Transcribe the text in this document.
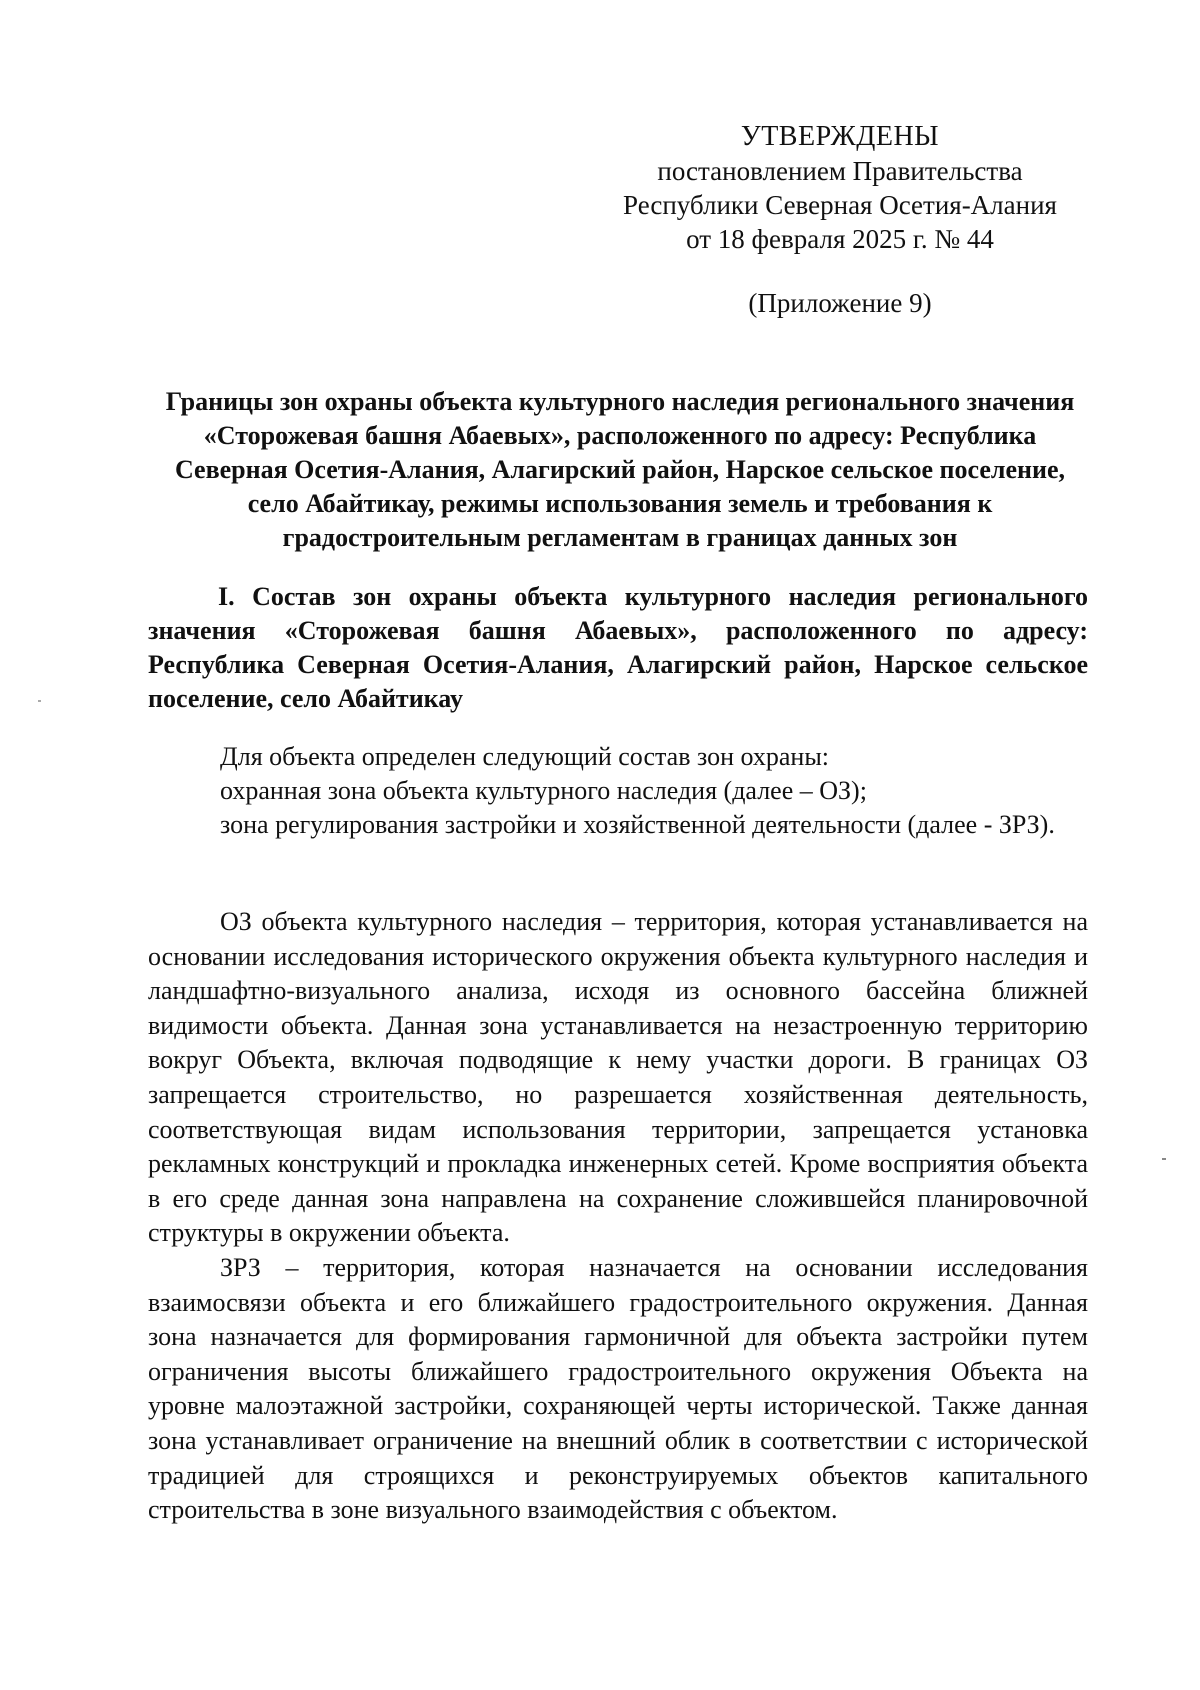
УТВЕРЖДЕНЫ
постановлением Правительства
Республики Северная Осетия-Алания
от 18 февраля 2025 г. № 44
(Приложение 9)
Границы зон охраны объекта культурного наследия регионального значения «Сторожевая башня Абаевых», расположенного по адресу: Республика Северная Осетия-Алания, Алагирский район, Нарское сельское поселение, село Абайтикау, режимы использования земель и требования к градостроительным регламентам в границах данных зон
I. Состав зон охраны объекта культурного наследия регионального значения «Сторожевая башня Абаевых», расположенного по адресу: Республика Северная Осетия-Алания, Алагирский район, Нарское сельское поселение, село Абайтикау

Для объекта определен следующий состав зон охраны:

охранная зона объекта культурного наследия (далее – ОЗ);

зона регулирования застройки и хозяйственной деятельности (далее - ЗРЗ).

ОЗ объекта культурного наследия – территория, которая устанавливается на основании исследования исторического окружения объекта культурного наследия и ландшафтно-визуального анализа, исходя из основного бассейна ближней видимости объекта. Данная зона устанавливается на незастроенную территорию вокруг Объекта, включая подводящие к нему участки дороги. В границах ОЗ запрещается строительство, но разрешается хозяйственная деятельность, соответствующая видам использования территории, запрещается установка рекламных конструкций и прокладка инженерных сетей. Кроме восприятия объекта в его среде данная зона направлена на сохранение сложившейся планировочной структуры в окружении объекта.

ЗРЗ – территория, которая назначается на основании исследования взаимосвязи объекта и его ближайшего градостроительного окружения. Данная зона назначается для формирования гармоничной для объекта застройки путем ограничения высоты ближайшего градостроительного окружения Объекта на уровне малоэтажной застройки, сохраняющей черты исторической. Также данная зона устанавливает ограничение на внешний облик в соответствии с исторической традицией для строящихся и реконструируемых объектов капитального строительства в зоне визуального взаимодействия с объектом.
